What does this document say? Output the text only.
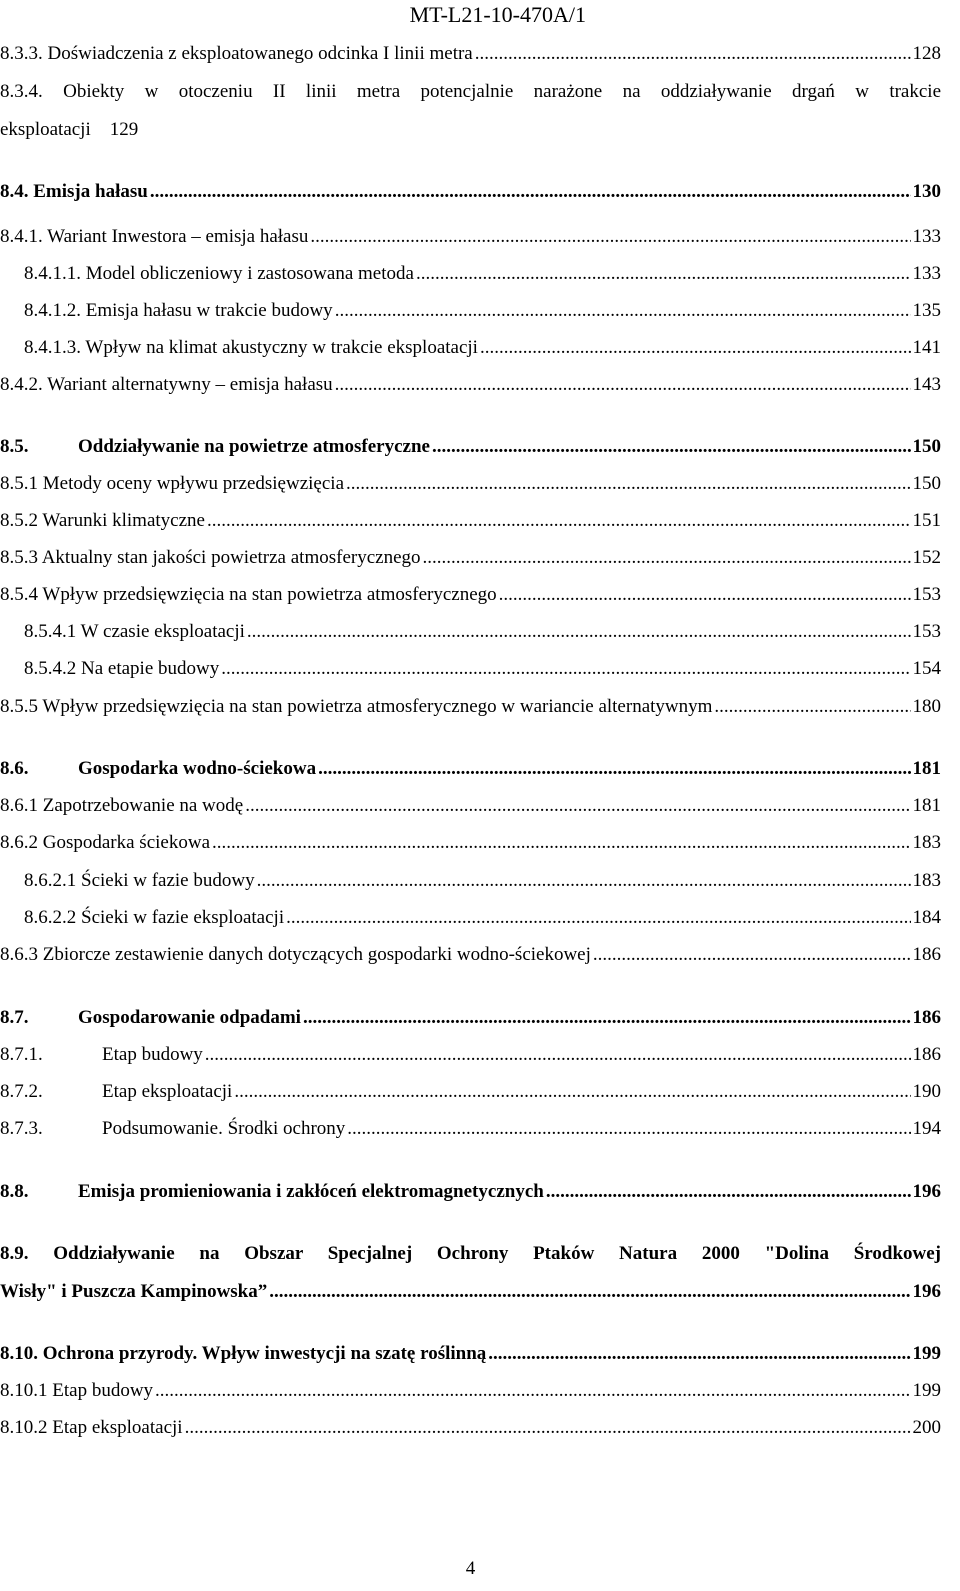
MT-L21-10-470A/1
8.3.3. Doświadczenia z eksploatowanego odcinka I linii metra .....	128
8.3.4. Obiekty w otoczeniu II linii metra potencjalnie narażone na oddziaływanie drgań w trakcie
eksploatacji 129
8.4. Emisja hałasu .....	130
8.4.1. Wariant Inwestora – emisja hałasu .....	133
8.4.1.1. Model obliczeniowy i zastosowana metoda .....	133
8.4.1.2. Emisja hałasu w trakcie budowy .....	135
8.4.1.3. Wpływ na klimat akustyczny w trakcie eksploatacji .....	141
8.4.2. Wariant alternatywny – emisja hałasu .....	143
8.5.	Oddziaływanie na powietrze atmosferyczne .....	150
8.5.1 Metody oceny wpływu przedsięwzięcia .....	150
8.5.2 Warunki klimatyczne .....	151
8.5.3 Aktualny stan jakości powietrza atmosferycznego .....	152
8.5.4 Wpływ przedsięwzięcia na stan powietrza atmosferycznego .....	153
8.5.4.1 W czasie eksploatacji .....	153
8.5.4.2 Na etapie budowy .....	154
8.5.5 Wpływ przedsięwzięcia na stan powietrza atmosferycznego w wariancie alternatywnym .....	180
8.6.	Gospodarka wodno-ściekowa .....	181
8.6.1 Zapotrzebowanie na wodę .....	181
8.6.2 Gospodarka ściekowa .....	183
8.6.2.1 Ścieki w fazie budowy .....	183
8.6.2.2 Ścieki w fazie eksploatacji .....	184
8.6.3 Zbiorcze zestawienie danych dotyczących gospodarki wodno-ściekowej .....	186
8.7.	Gospodarowanie odpadami .....	186
8.7.1.	Etap budowy .....	186
8.7.2.	Etap eksploatacji .....	190
8.7.3.	Podsumowanie. Środki ochrony .....	194
8.8.	Emisja promieniowania i zakłóceń elektromagnetycznych .....	196
8.9. Oddziaływanie na Obszar Specjalnej Ochrony Ptaków Natura 2000 "Dolina Środkowej
Wisły" i Puszcza Kampinowska” .....	196
8.10. Ochrona przyrody. Wpływ inwestycji na szatę roślinną .....	199
8.10.1 Etap budowy .....	199
8.10.2 Etap eksploatacji .....	200
4
